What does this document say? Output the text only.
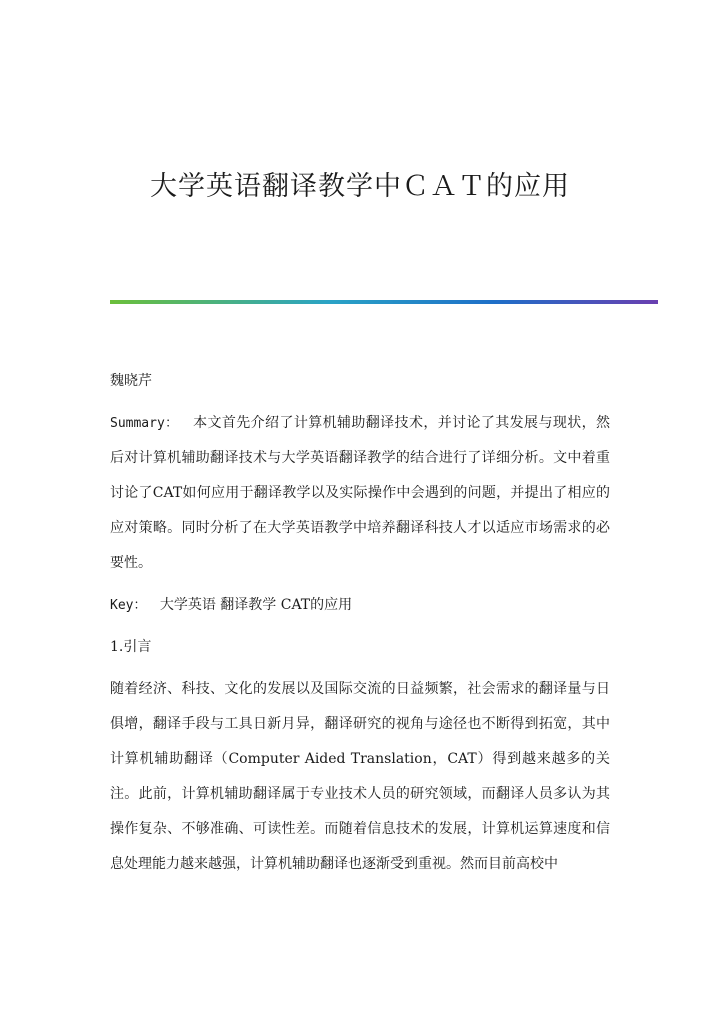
大学英语翻译教学中ＣＡＴ的应用

魏晓芹

Summary： 本文首先介绍了计算机辅助翻译技术，并讨论了其发展与现状，然后对计算机辅助翻译技术与大学英语翻译教学的结合进行了详细分析。文中着重讨论了CAT如何应用于翻译教学以及实际操作中会遇到的问题，并提出了相应的应对策略。同时分析了在大学英语教学中培养翻译科技人才以适应市场需求的必要性。

Key： 大学英语 翻译教学 CAT的应用

1.引言

随着经济、科技、文化的发展以及国际交流的日益频繁，社会需求的翻译量与日俱增，翻译手段与工具日新月异，翻译研究的视角与途径也不断得到拓宽，其中计算机辅助翻译（Computer Aided Translation，CAT）得到越来越多的关注。此前，计算机辅助翻译属于专业技术人员的研究领域，而翻译人员多认为其操作复杂、不够准确、可读性差。而随着信息技术的发展，计算机运算速度和信息处理能力越来越强，计算机辅助翻译也逐渐受到重视。然而目前高校中
